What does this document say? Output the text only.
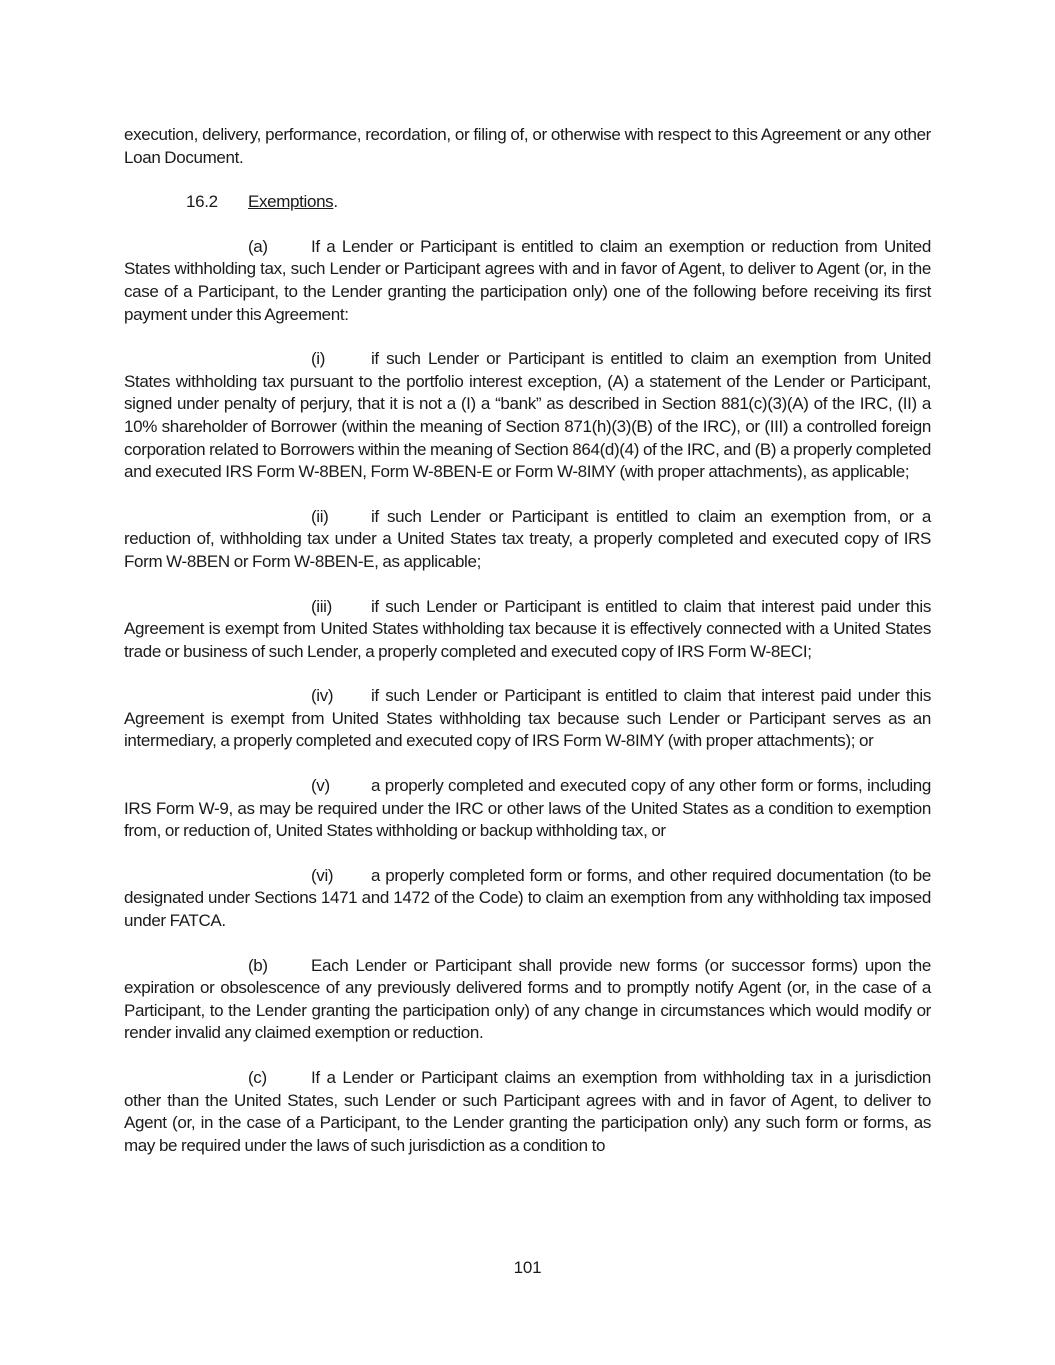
execution, delivery, performance, recordation, or filing of, or otherwise with respect to this Agreement or any other Loan Document.

16.2 Exemptions.

(a)	If a Lender or Participant is entitled to claim an exemption or reduction from United States withholding tax, such Lender or Participant agrees with and in favor of Agent, to deliver to Agent (or, in the case of a Participant, to the Lender granting the participation only) one of the following before receiving its first payment under this Agreement:

(i)	if such Lender or Participant is entitled to claim an exemption from United States withholding tax pursuant to the portfolio interest exception, (A) a statement of the Lender or Participant, signed under penalty of perjury, that it is not a (I) a “bank” as described in Section 881(c)(3)(A) of the IRC, (II) a 10% shareholder of Borrower (within the meaning of Section 871(h)(3)(B) of the IRC), or (III) a controlled foreign corporation related to Borrowers within the meaning of Section 864(d)(4) of the IRC, and (B) a properly completed and executed IRS Form W-8BEN, Form W-8BEN-E or Form W-8IMY (with proper attachments), as applicable;

(ii)	if such Lender or Participant is entitled to claim an exemption from, or a reduction of, withholding tax under a United States tax treaty, a properly completed and executed copy of IRS Form W-8BEN or Form W-8BEN-E, as applicable;

(iii) if such Lender or Participant is entitled to claim that interest paid under this Agreement is exempt from United States withholding tax because it is effectively connected with a United States trade or business of such Lender, a properly completed and executed copy of IRS Form W-8ECI;

(iv) if such Lender or Participant is entitled to claim that interest paid under this Agreement is exempt from United States withholding tax because such Lender or Participant serves as an intermediary, a properly completed and executed copy of IRS Form W-8IMY (with proper attachments); or

(v) a properly completed and executed copy of any other form or forms, including IRS Form W-9, as may be required under the IRC or other laws of the United States as a condition to exemption from, or reduction of, United States withholding or backup withholding tax, or

(vi) a properly completed form or forms, and other required documentation (to be designated under Sections 1471 and 1472 of the Code) to claim an exemption from any withholding tax imposed under FATCA.

(b)	Each Lender or Participant shall provide new forms (or successor forms) upon the expiration or obsolescence of any previously delivered forms and to promptly notify Agent (or, in the case of a Participant, to the Lender granting the participation only) of any change in circumstances which would modify or render invalid any claimed exemption or reduction.

(c)	If a Lender or Participant claims an exemption from withholding tax in a jurisdiction other than the United States, such Lender or such Participant agrees with and in favor of Agent, to deliver to Agent (or, in the case of a Participant, to the Lender granting the participation only) any such form or forms, as may be required under the laws of such jurisdiction as a condition to

101
